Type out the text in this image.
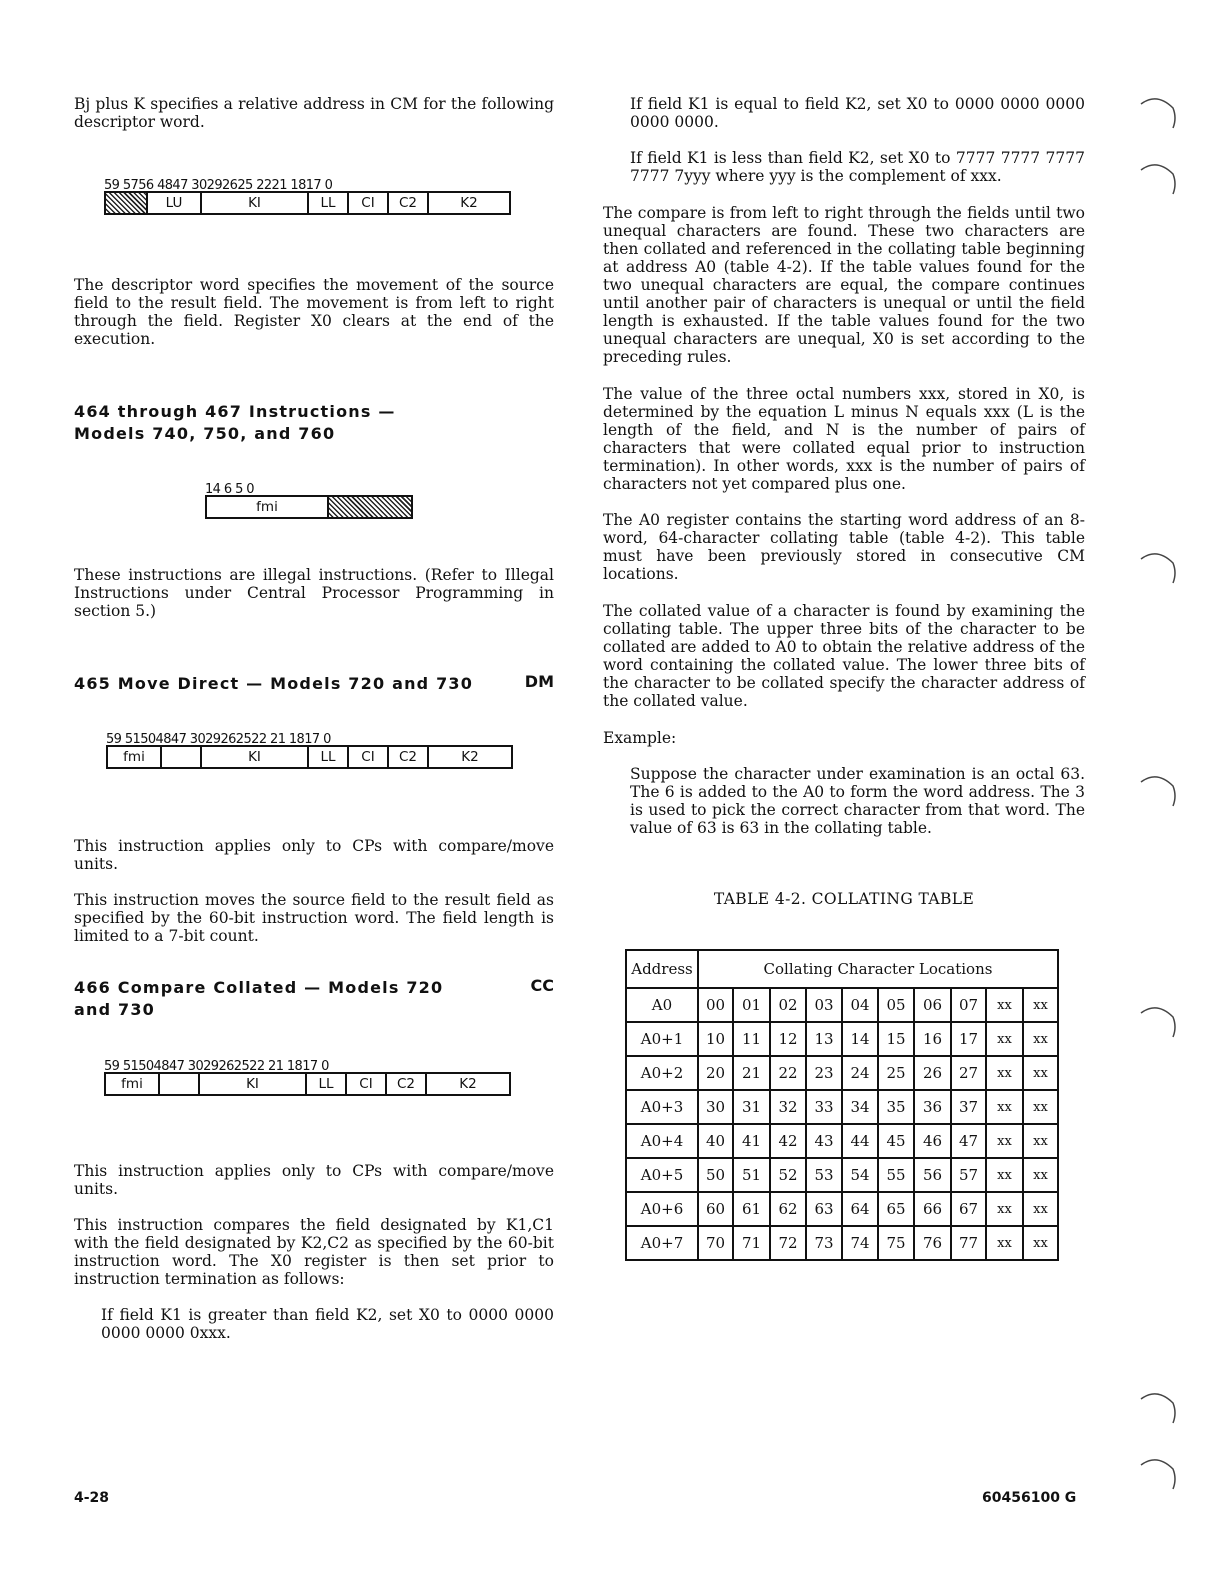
Bj plus K specifies a relative address in CM for the following descriptor word.

59 5756 4847 30292625 2221 1817 0
LU	KI	LL	CI	C2	K2

The descriptor word specifies the movement of the source field to the result field. The movement is from left to right through the field. Register X0 clears at the end of the execution.

464 through 467 Instructions —
Models 740, 750, and 760
14 6 5 0
fmi

These instructions are illegal instructions. (Refer to Illegal Instructions under Central Processor Programming in section 5.)

465 Move Direct — Models 720 and 730	DM
59 51504847 3029262522 21 1817 0
fmi	KI	LL	CI	C2	K2

This instruction applies only to CPs with compare/move units.

This instruction moves the source field to the result field as specified by the 60-bit instruction word. The field length is limited to a 7-bit count.

466 Compare Collated — Models 720
and 730
CC
59 51504847 3029262522 21 1817 0
fmi	KI	LL	CI	C2	K2

This instruction applies only to CPs with compare/move units.

This instruction compares the field designated by K1,C1 with the field designated by K2,C2 as specified by the 60-bit instruction word. The X0 register is then set prior to instruction termination as follows:

If field K1 is greater than field K2, set X0 to 0000 0000 0000 0000 0xxx.

If field K1 is equal to field K2, set X0 to 0000 0000 0000 0000 0000.

If field K1 is less than field K2, set X0 to 7777 7777 7777 7777 7yyy where yyy is the complement of xxx.

The compare is from left to right through the fields until two unequal characters are found. These two characters are then collated and referenced in the collating table beginning at address A0 (table 4-2). If the table values found for the two unequal characters are equal, the compare continues until another pair of characters is unequal or until the field length is exhausted. If the table values found for the two unequal characters are unequal, X0 is set according to the preceding rules.

The value of the three octal numbers xxx, stored in X0, is determined by the equation L minus N equals xxx (L is the length of the field, and N is the number of pairs of characters that were collated equal prior to instruction termination). In other words, xxx is the number of pairs of characters not yet compared plus one.

The A0 register contains the starting word address of an 8-word, 64-character collating table (table 4-2). This table must have been previously stored in consecutive CM locations.

The collated value of a character is found by examining the collating table. The upper three bits of the character to be collated are added to A0 to obtain the relative address of the word containing the collated value. The lower three bits of the character to be collated specify the character address of the collated value.

Example:

Suppose the character under examination is an octal 63. The 6 is added to the A0 to form the word address. The 3 is used to pick the correct character from that word. The value of 63 is 63 in the collating table.

TABLE 4-2. COLLATING TABLE

Address	Collating Character Locations									
A0	00	01	02	03	04	05	06	07	xx	xx
A0+1	10	11	12	13	14	15	16	17	xx	xx
A0+2	20	21	22	23	24	25	26	27	xx	xx
A0+3	30	31	32	33	34	35	36	37	xx	xx
A0+4	40	41	42	43	44	45	46	47	xx	xx
A0+5	50	51	52	53	54	55	56	57	xx	xx
A0+6	60	61	62	63	64	65	66	67	xx	xx
A0+7	70	71	72	73	74	75	76	77	xx	xx
4-28	60456100 G
